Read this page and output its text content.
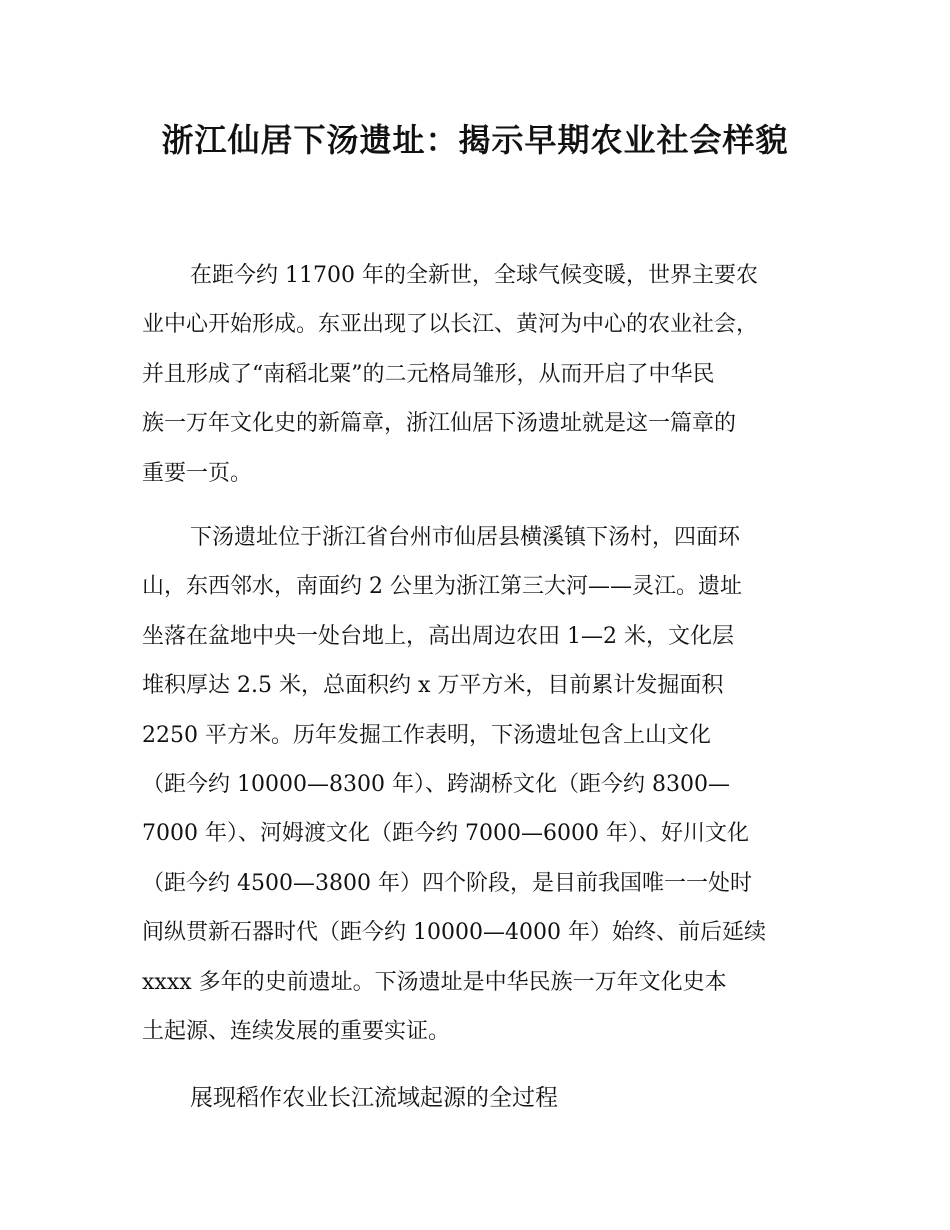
浙江仙居下汤遗址：揭示早期农业社会样貌
在距今约 11700 年的全新世，全球气候变暖，世界主要农
业中心开始形成。东亚出现了以长江、黄河为中心的农业社会，
并且形成了“南稻北粟”的二元格局雏形，从而开启了中华民
族一万年文化史的新篇章，浙江仙居下汤遗址就是这一篇章的
重要一页。
下汤遗址位于浙江省台州市仙居县横溪镇下汤村，四面环
山，东西邻水，南面约 2 公里为浙江第三大河——灵江。遗址
坐落在盆地中央一处台地上，高出周边农田 1—2 米，文化层
堆积厚达 2.5 米，总面积约 x 万平方米，目前累计发掘面积
2250 平方米。历年发掘工作表明，下汤遗址包含上山文化
（距今约 10000—8300 年）、跨湖桥文化（距今约 8300—
7000 年）、河姆渡文化（距今约 7000—6000 年）、好川文化
（距今约 4500—3800 年）四个阶段，是目前我国唯一一处时
间纵贯新石器时代（距今约 10000—4000 年）始终、前后延续
xxxx 多年的史前遗址。下汤遗址是中华民族一万年文化史本
土起源、连续发展的重要实证。
展现稻作农业长江流域起源的全过程
